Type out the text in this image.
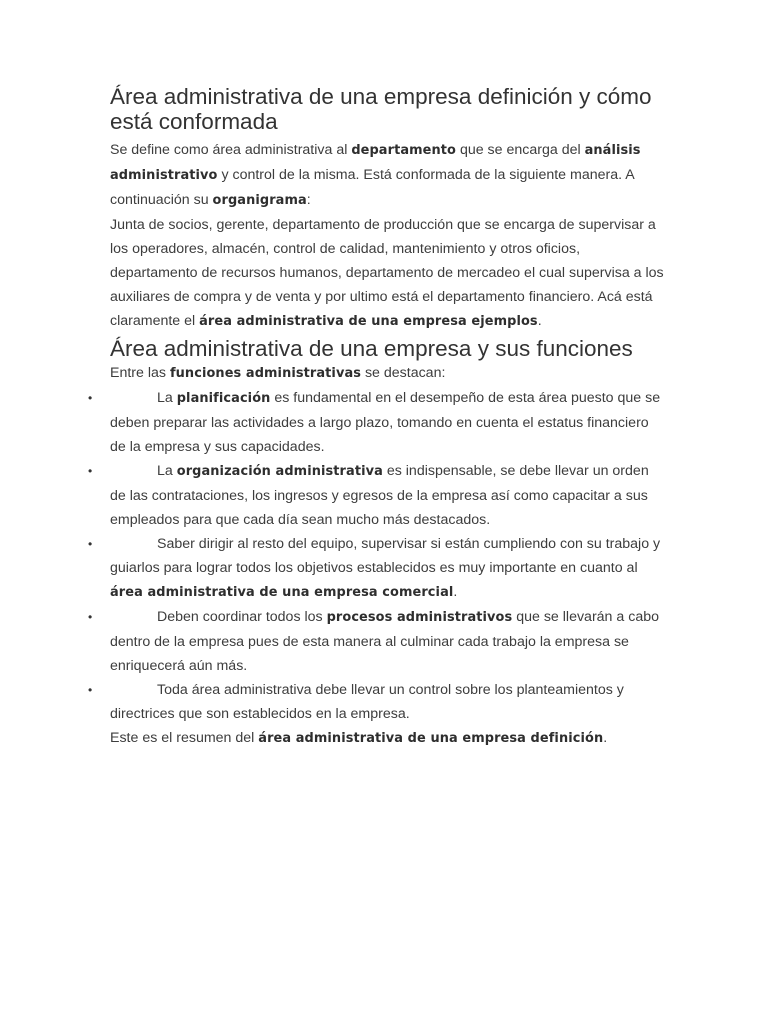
Área administrativa de una empresa definición y cómo está conformada

Se define como área administrativa al departamento que se encarga del análisis administrativo y control de la misma. Está conformada de la siguiente manera. A continuación su organigrama:

Junta de socios, gerente, departamento de producción que se encarga de supervisar a los operadores, almacén, control de calidad, mantenimiento y otros oficios, departamento de recursos humanos, departamento de mercadeo el cual supervisa a los auxiliares de compra y de venta y por ultimo está el departamento financiero. Acá está claramente el área administrativa de una empresa ejemplos.

Área administrativa de una empresa y sus funciones

Entre las funciones administrativas se destacan:

•	La planificación es fundamental en el desempeño de esta área puesto que se deben preparar las actividades a largo plazo, tomando en cuenta el estatus financiero de la empresa y sus capacidades.
•	La organización administrativa es indispensable, se debe llevar un orden de las contrataciones, los ingresos y egresos de la empresa así como capacitar a sus empleados para que cada día sean mucho más destacados.
•	Saber dirigir al resto del equipo, supervisar si están cumpliendo con su trabajo y guiarlos para lograr todos los objetivos establecidos es muy importante en cuanto al área administrativa de una empresa comercial.
•	Deben coordinar todos los procesos administrativos que se llevarán a cabo dentro de la empresa pues de esta manera al culminar cada trabajo la empresa se enriquecerá aún más.
•	Toda área administrativa debe llevar un control sobre los planteamientos y directrices que son establecidos en la empresa.

Este es el resumen del área administrativa de una empresa definición.
